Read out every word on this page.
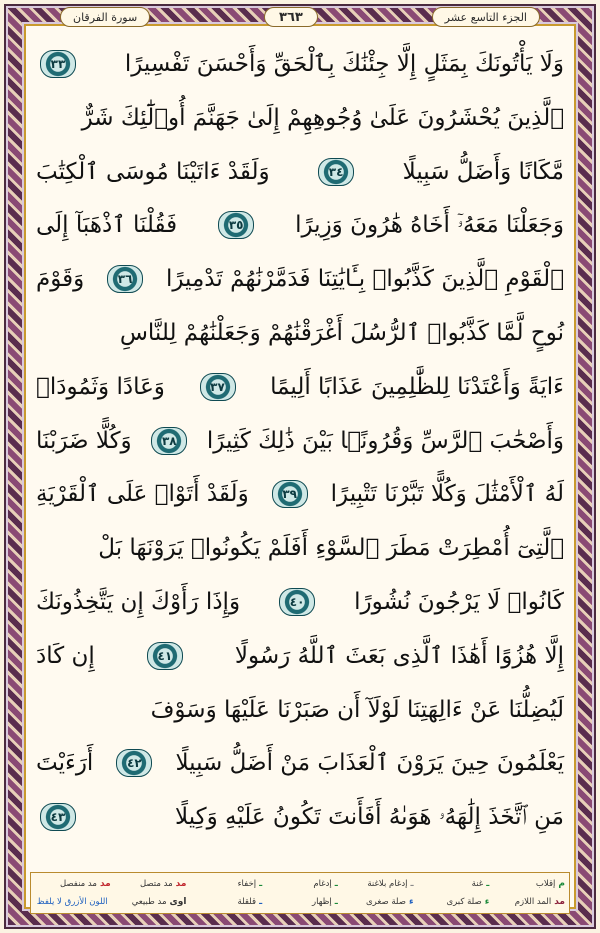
سورة الفرقان	٣٦٣	الجزء التاسع عشر
وَلَا يَأْتُونَكَ بِمَثَلٍ إِلَّا جِئْنَٰكَ بِٱلْحَقِّ وَأَحْسَنَ تَفْسِيرًا
٣٣
ٱلَّذِينَ يُحْشَرُونَ عَلَىٰ وُجُوهِهِمْ إِلَىٰ جَهَنَّمَ أُو۟لَٰٓئِكَ شَرٌّ
مَّكَانًا وَأَضَلُّ سَبِيلًا
٣٤
وَلَقَدْ ءَاتَيْنَا مُوسَى ٱلْكِتَٰبَ
وَجَعَلْنَا مَعَهُۥٓ أَخَاهُ هَٰرُونَ وَزِيرًا
٣٥
فَقُلْنَا ٱذْهَبَآ إِلَى
ٱلْقَوْمِ ٱلَّذِينَ كَذَّبُوا۟ بِـَٔايَٰتِنَا فَدَمَّرْنَٰهُمْ تَدْمِيرًا
٣٦
وَقَوْمَ
نُوحٍ لَّمَّا كَذَّبُوا۟ ٱلرُّسُلَ أَغْرَقْنَٰهُمْ وَجَعَلْنَٰهُمْ لِلنَّاسِ
ءَايَةً وَأَعْتَدْنَا لِلظَّٰلِمِينَ عَذَابًا أَلِيمًا
٣٧
وَعَادًا وَثَمُودَا۟
وَأَصْحَٰبَ ٱلرَّسِّ وَقُرُونًۢا بَيْنَ ذَٰلِكَ كَثِيرًا
٣٨
وَكُلًّا ضَرَبْنَا
لَهُ ٱلْأَمْثَٰلَ وَكُلًّا تَبَّرْنَا تَتْبِيرًا
٣٩
وَلَقَدْ أَتَوْا۟ عَلَى ٱلْقَرْيَةِ
ٱلَّتِىٓ أُمْطِرَتْ مَطَرَ ٱلسَّوْءِ أَفَلَمْ يَكُونُوا۟ يَرَوْنَهَا بَلْ
كَانُوا۟ لَا يَرْجُونَ نُشُورًا
٤٠
وَإِذَا رَأَوْكَ إِن يَتَّخِذُونَكَ
إِلَّا هُزُوًا أَهَٰذَا ٱلَّذِى بَعَثَ ٱللَّهُ رَسُولًا
٤١
إِن كَادَ
لَيُضِلُّنَا عَنْ ءَالِهَتِنَا لَوْلَآ أَن صَبَرْنَا عَلَيْهَا وَسَوْفَ
يَعْلَمُونَ حِينَ يَرَوْنَ ٱلْعَذَابَ مَنْ أَضَلُّ سَبِيلًا
٤٢
أَرَءَيْتَ
مَنِ ٱتَّخَذَ إِلَٰهَهُۥ هَوَىٰهُ أَفَأَنتَ تَكُونُ عَلَيْهِ وَكِيلًا
٤٣
م
إقلاب
ـ
غنة
ـ
إدغام بلاغنة
ـ
إدغام
ـ
إخفاء
مد
مد متصل
مد
مد منفصل
مد
المد اللازم
ء
صلة كبرى
ء
صلة صغرى
ـ
إظهار
ـ
قلقلة
اوى
مد طبيعي
اللون الأزرق لا يلفظ
